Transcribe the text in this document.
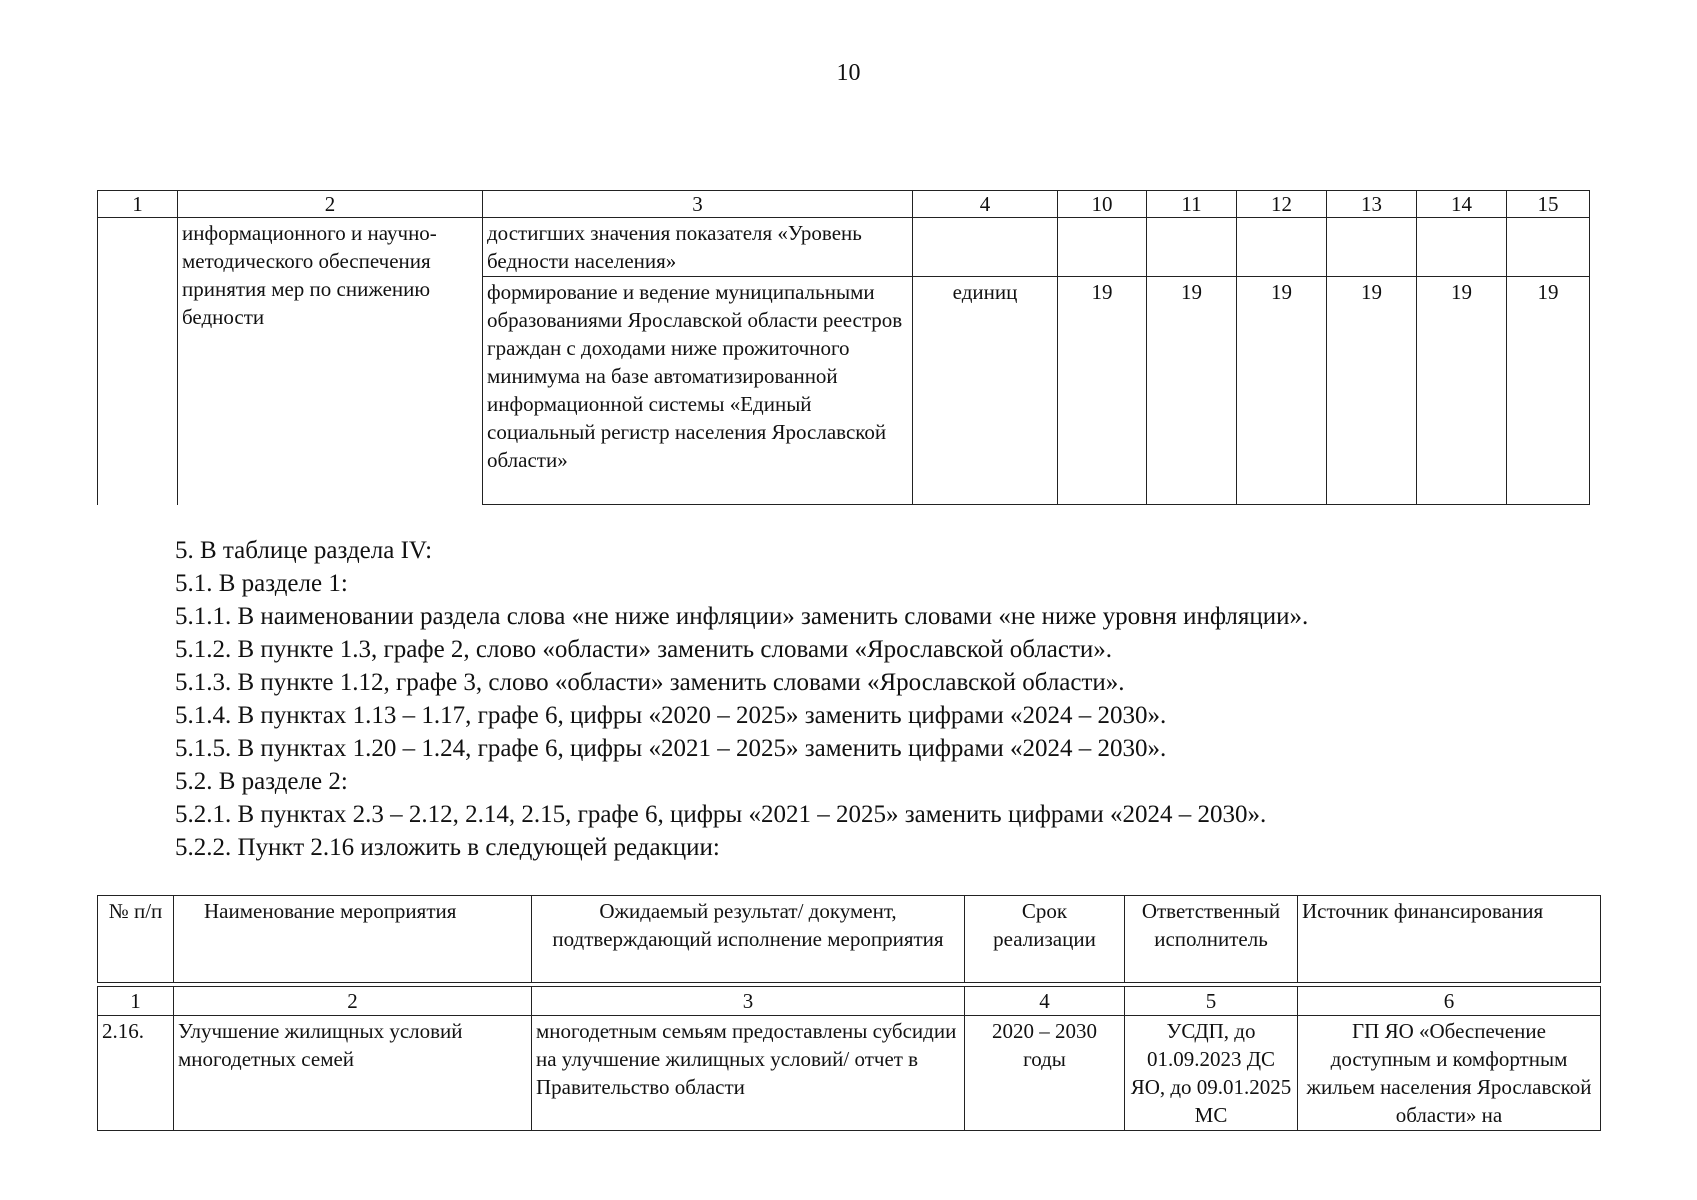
10
1	2	3	4	10	11	12	13	14	15
	информационного и научно-методического обеспечения принятия мер по снижению бедности	достигших значения показателя «Уровень бедности населения»							
		формирование и ведение муниципальными образованиями Ярославской области реестров граждан с доходами ниже прожиточного минимума на базе автоматизированной информационной системы «Единый социальный регистр населения Ярославской области»	единиц	19	19	19	19	19	19

5. В таблице раздела IV:

5.1. В разделе 1:

5.1.1. В наименовании раздела слова «не ниже инфляции» заменить словами «не ниже уровня инфляции».

5.1.2. В пункте 1.3, графе 2, слово «области» заменить словами «Ярославской области».

5.1.3. В пункте 1.12, графе 3, слово «области» заменить словами «Ярославской области».

5.1.4. В пунктах 1.13 – 1.17, графе 6, цифры «2020 – 2025» заменить цифрами «2024 – 2030».

5.1.5. В пунктах 1.20 – 1.24, графе 6, цифры «2021 – 2025» заменить цифрами «2024 – 2030».

5.2. В разделе 2:

5.2.1. В пунктах 2.3 – 2.12, 2.14, 2.15, графе 6, цифры «2021 – 2025» заменить цифрами «2024 – 2030».

5.2.2. Пункт 2.16 изложить в следующей редакции:

№ п/п	Наименование мероприятия	Ожидаемый результат/ документ, подтверждающий исполнение мероприятия	Срок реализации	Ответственный исполнитель	Источник финансирования

1	2	3	4	5	6
2.16.	Улучшение жилищных условий многодетных семей	многодетным семьям предоставлены субсидии на улучшение жилищных условий/ отчет в Правительство области	2020 – 2030 годы	УСДП, до 01.09.2023 ДС ЯО, до 09.01.2025 МС	ГП ЯО «Обеспечение доступным и комфортным жильем населения Ярославской области» на
